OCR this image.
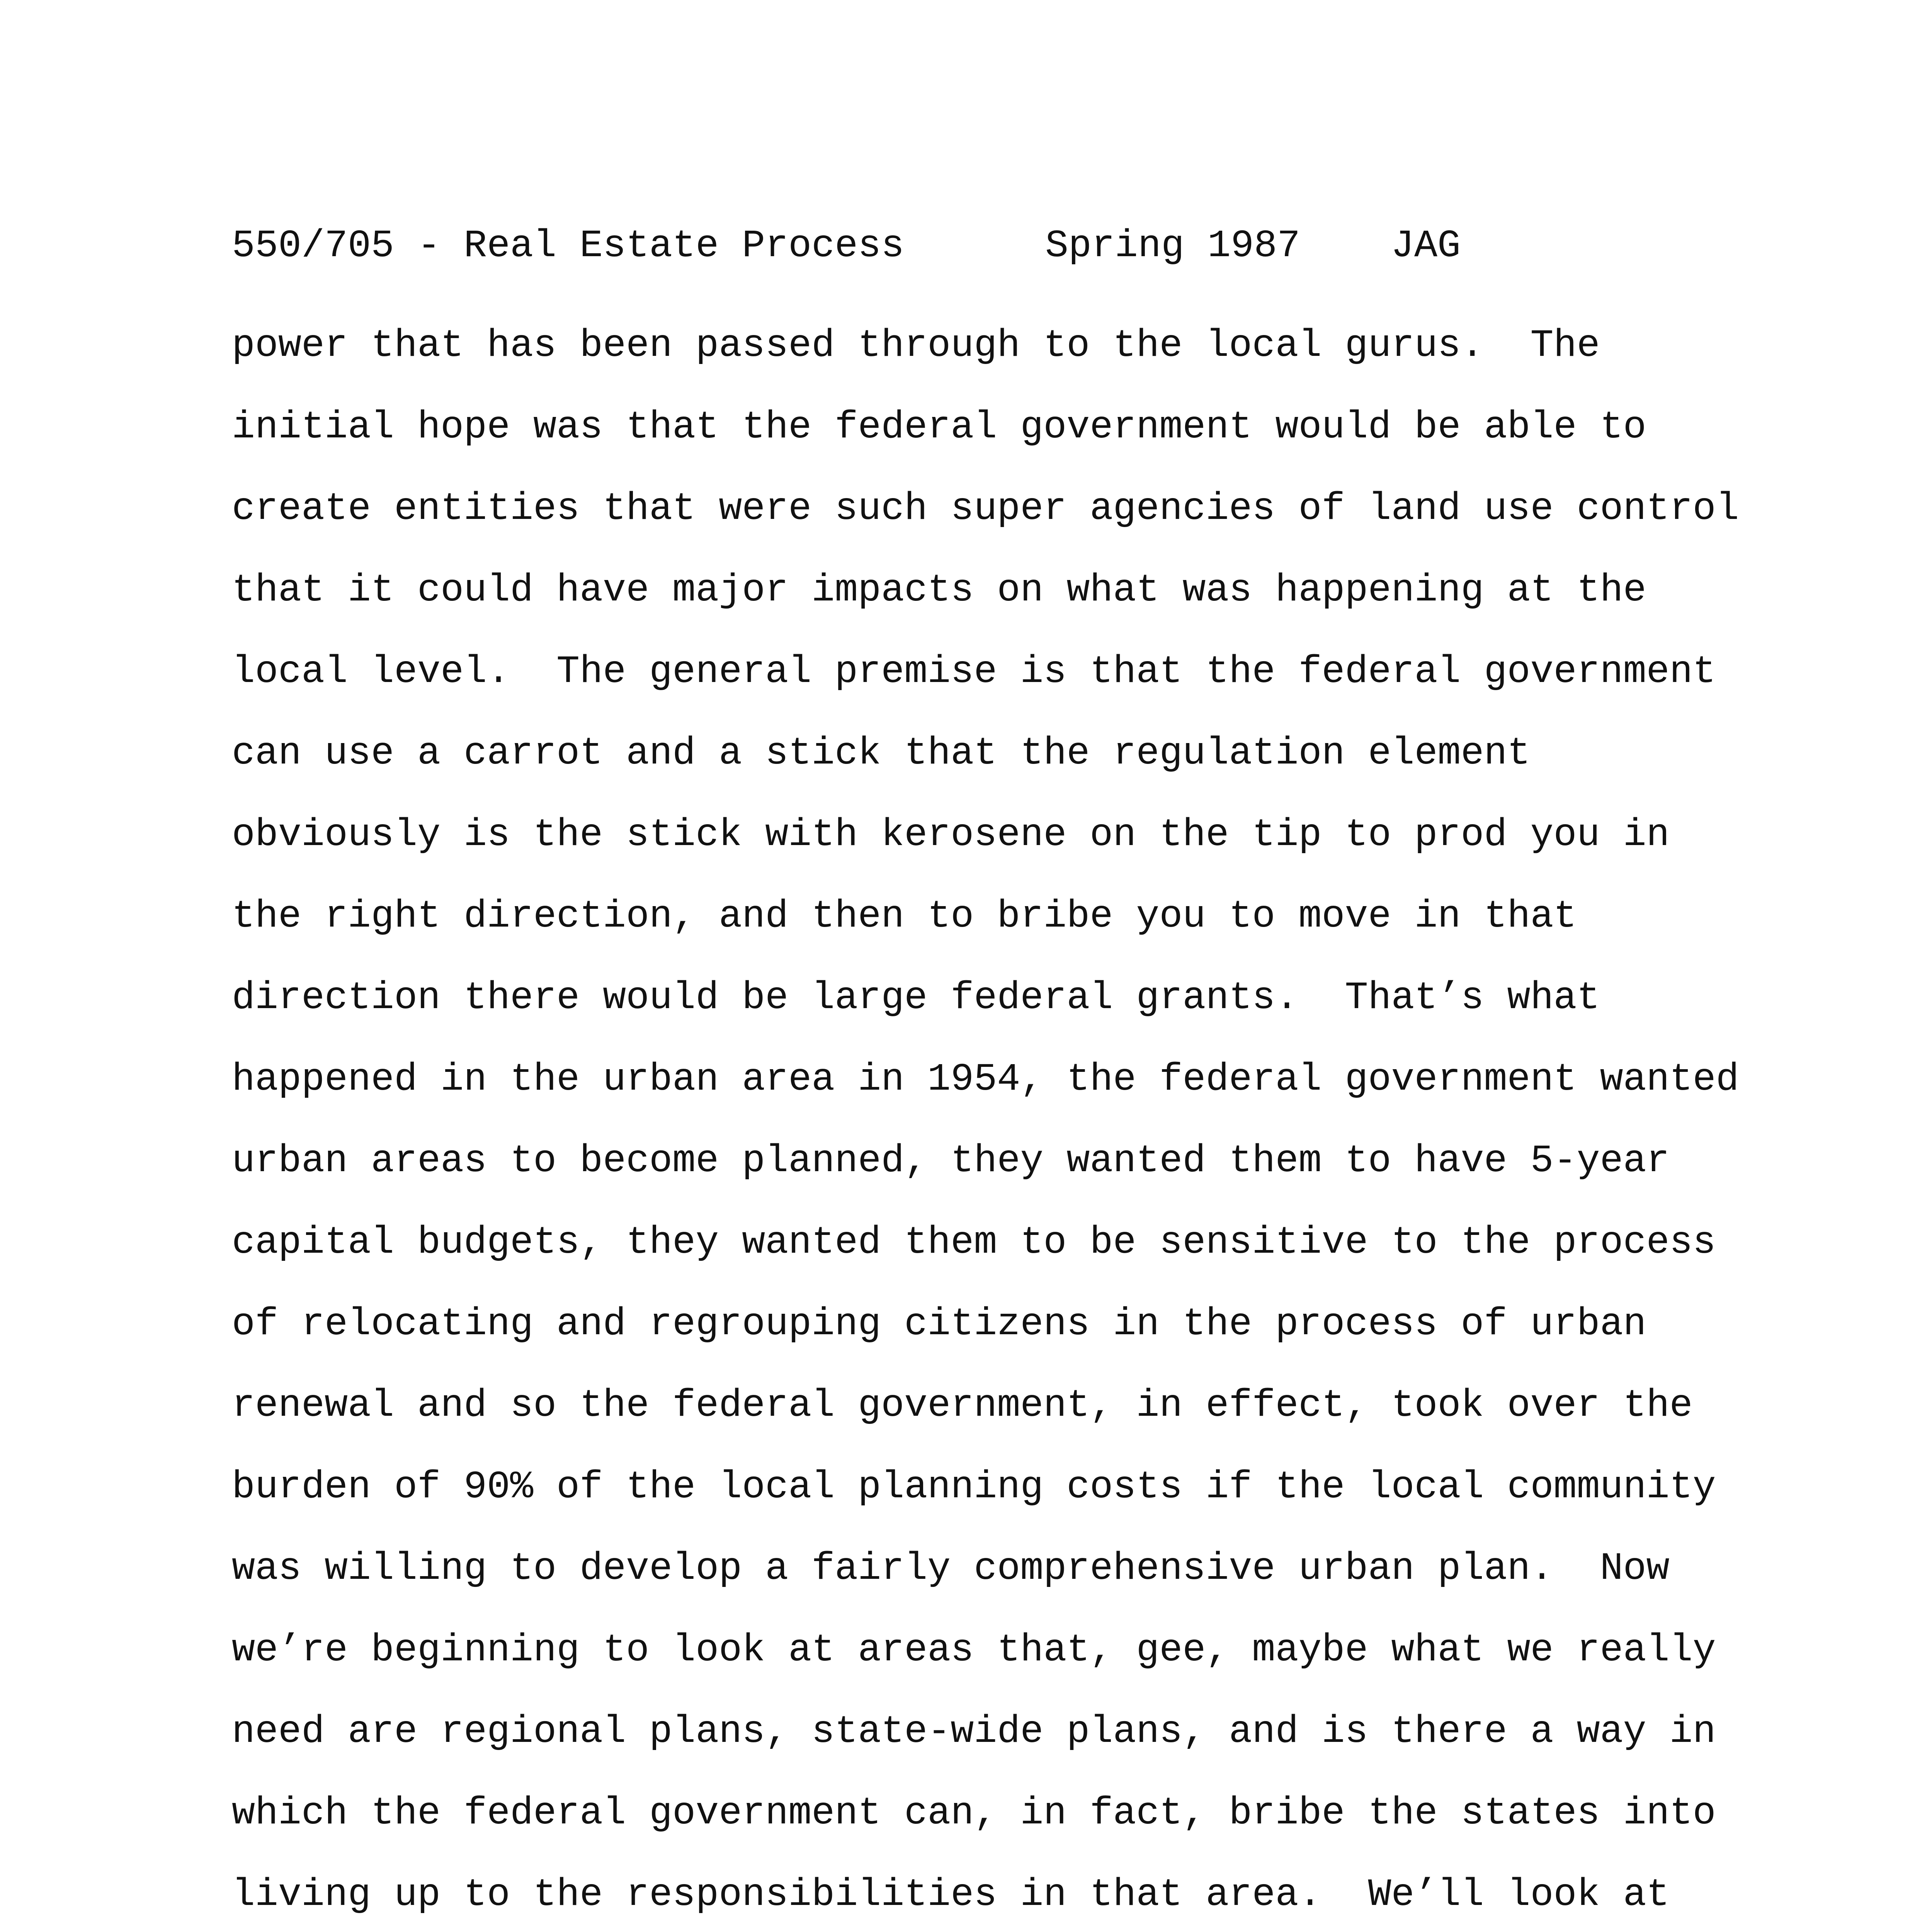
550/705 - Real Estate Process

	Spring 1987

JAG

power that has been passed through to the local gurus.  The
initial hope was that the federal government would be able to
create entities that were such super agencies of land use control
that it could have major impacts on what was happening at the
local level.  The general premise is that the federal government
can use a carrot and a stick that the regulation element
obviously is the stick with kerosene on the tip to prod you in
the right direction, and then to bribe you to move in that
direction there would be large federal grants.  That’s what
happened in the urban area in 1954, the federal government wanted
urban areas to become planned, they wanted them to have 5-year
capital budgets, they wanted them to be sensitive to the process
of relocating and regrouping citizens in the process of urban
renewal and so the federal government, in effect, took over the
burden of 90% of the local planning costs if the local community
was willing to develop a fairly comprehensive urban plan.  Now
we’re beginning to look at areas that, gee, maybe what we really
need are regional plans, state-wide plans, and is there a way in
which the federal government can, in fact, bribe the states into
living up to the responsibilities in that area.  We’ll look at
